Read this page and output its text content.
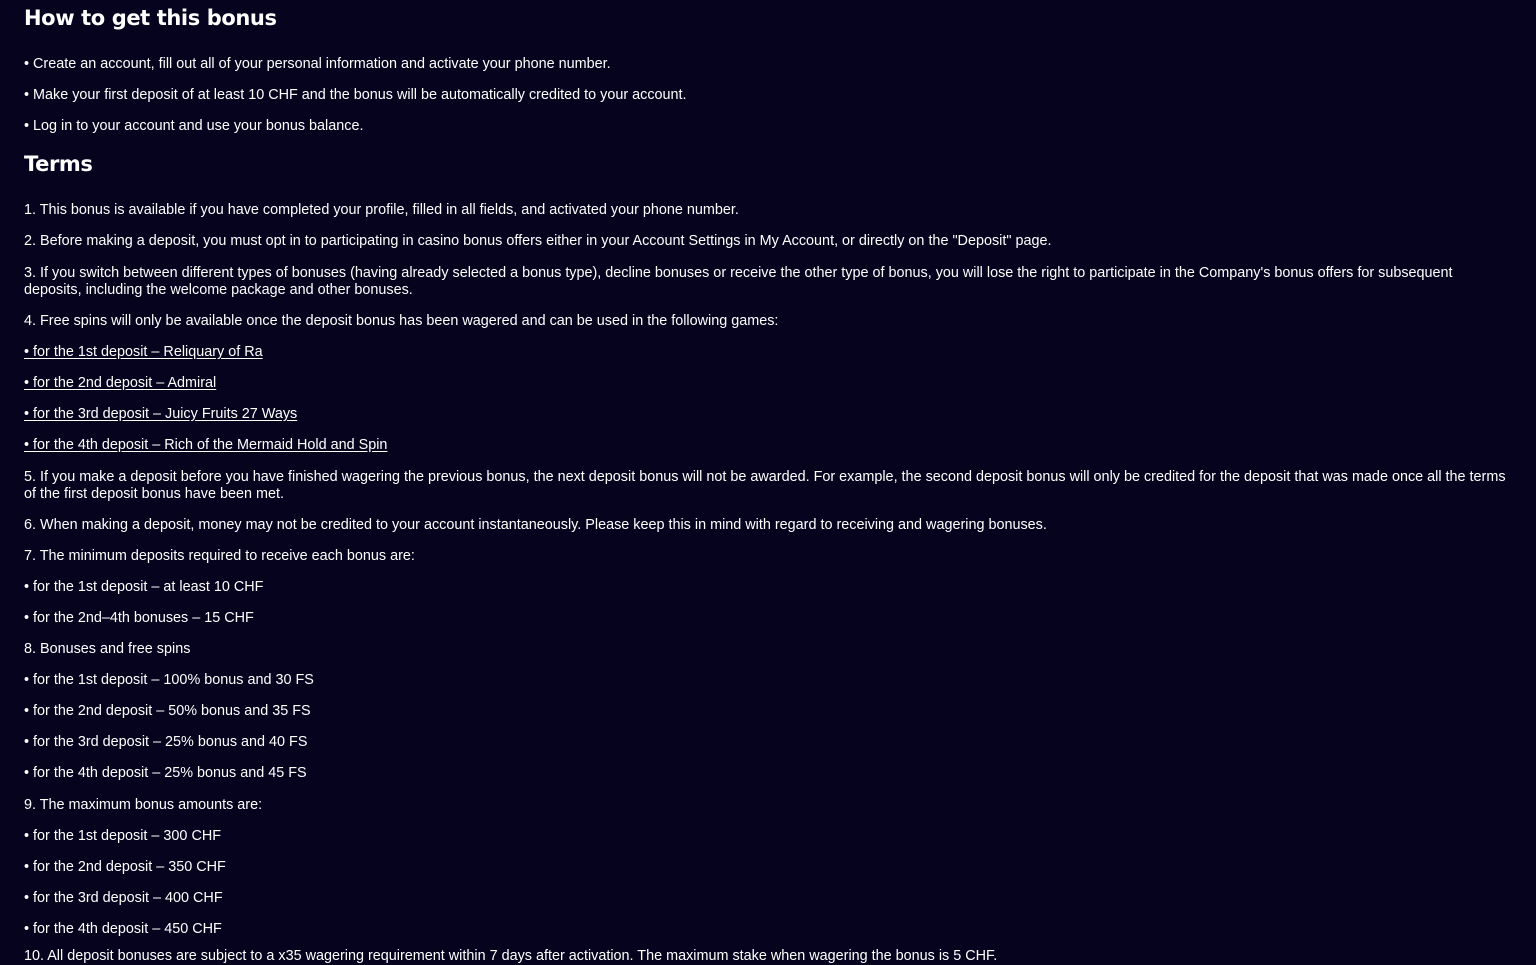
How to get this bonus

• Create an account, fill out all of your personal information and activate your phone number.

• Make your first deposit of at least 10 CHF and the bonus will be automatically credited to your account.

• Log in to your account and use your bonus balance.

Terms

1. This bonus is available if you have completed your profile, filled in all fields, and activated your phone number.

2. Before making a deposit, you must opt in to participating in casino bonus offers either in your Account Settings in My Account, or directly on the "Deposit" page.

3. If you switch between different types of bonuses (having already selected a bonus type), decline bonuses or receive the other type of bonus, you will lose the right to participate in the Company's bonus offers for subsequent deposits, including the welcome package and other bonuses.

4. Free spins will only be available once the deposit bonus has been wagered and can be used in the following games:

• for the 1st deposit – Reliquary of Ra
• for the 2nd deposit – Admiral
• for the 3rd deposit – Juicy Fruits 27 Ways
• for the 4th deposit – Rich of the Mermaid Hold and Spin

5. If you make a deposit before you have finished wagering the previous bonus, the next deposit bonus will not be awarded. For example, the second deposit bonus will only be credited for the deposit that was made once all the terms of the first deposit bonus have been met.

6. When making a deposit, money may not be credited to your account instantaneously. Please keep this in mind with regard to receiving and wagering bonuses.

7. The minimum deposits required to receive each bonus are:

• for the 1st deposit – at least 10 CHF

• for the 2nd–4th bonuses – 15 CHF

8. Bonuses and free spins

• for the 1st deposit – 100% bonus and 30 FS

• for the 2nd deposit – 50% bonus and 35 FS

• for the 3rd deposit – 25% bonus and 40 FS

• for the 4th deposit – 25% bonus and 45 FS

9. The maximum bonus amounts are:

• for the 1st deposit – 300 CHF

• for the 2nd deposit – 350 CHF

• for the 3rd deposit – 400 CHF

• for the 4th deposit – 450 CHF

10. All deposit bonuses are subject to a x35 wagering requirement within 7 days after activation. The maximum stake when wagering the bonus is 5 CHF.
